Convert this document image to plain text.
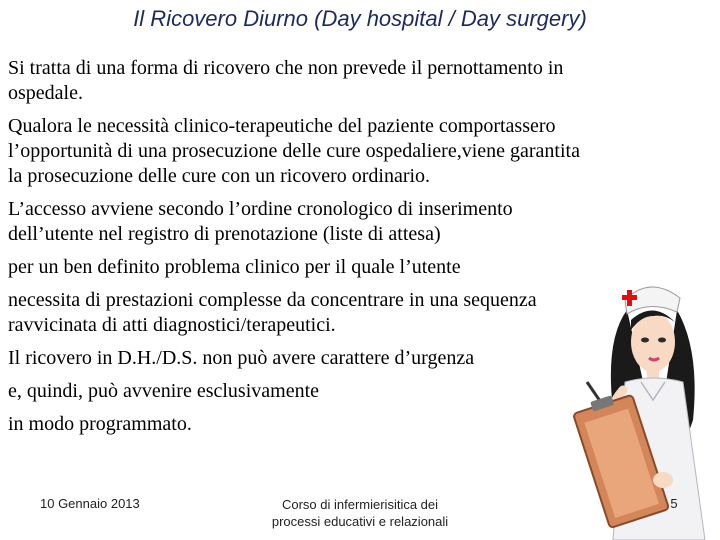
Il Ricovero Diurno (Day hospital / Day surgery)
Si tratta di una forma di ricovero che non prevede il pernottamento in
ospedale.
Qualora le necessità clinico-terapeutiche del paziente comportassero
l’opportunità di una prosecuzione delle cure ospedaliere,viene garantita
la prosecuzione delle cure con un ricovero ordinario.
L’accesso avviene secondo l’ordine cronologico di inserimento
dell’utente nel registro di prenotazione (liste di attesa)
per un ben definito problema clinico per il quale l’utente
necessita di prestazioni complesse da concentrare in una sequenza
ravvicinata di atti diagnostici/terapeutici.
Il ricovero in D.H./D.S. non può avere carattere d’urgenza
e, quindi, può avvenire esclusivamente
in modo programmato.
10 Gennaio 2013	Corso di infermierisitica dei
processi educativi e relazionali
5
